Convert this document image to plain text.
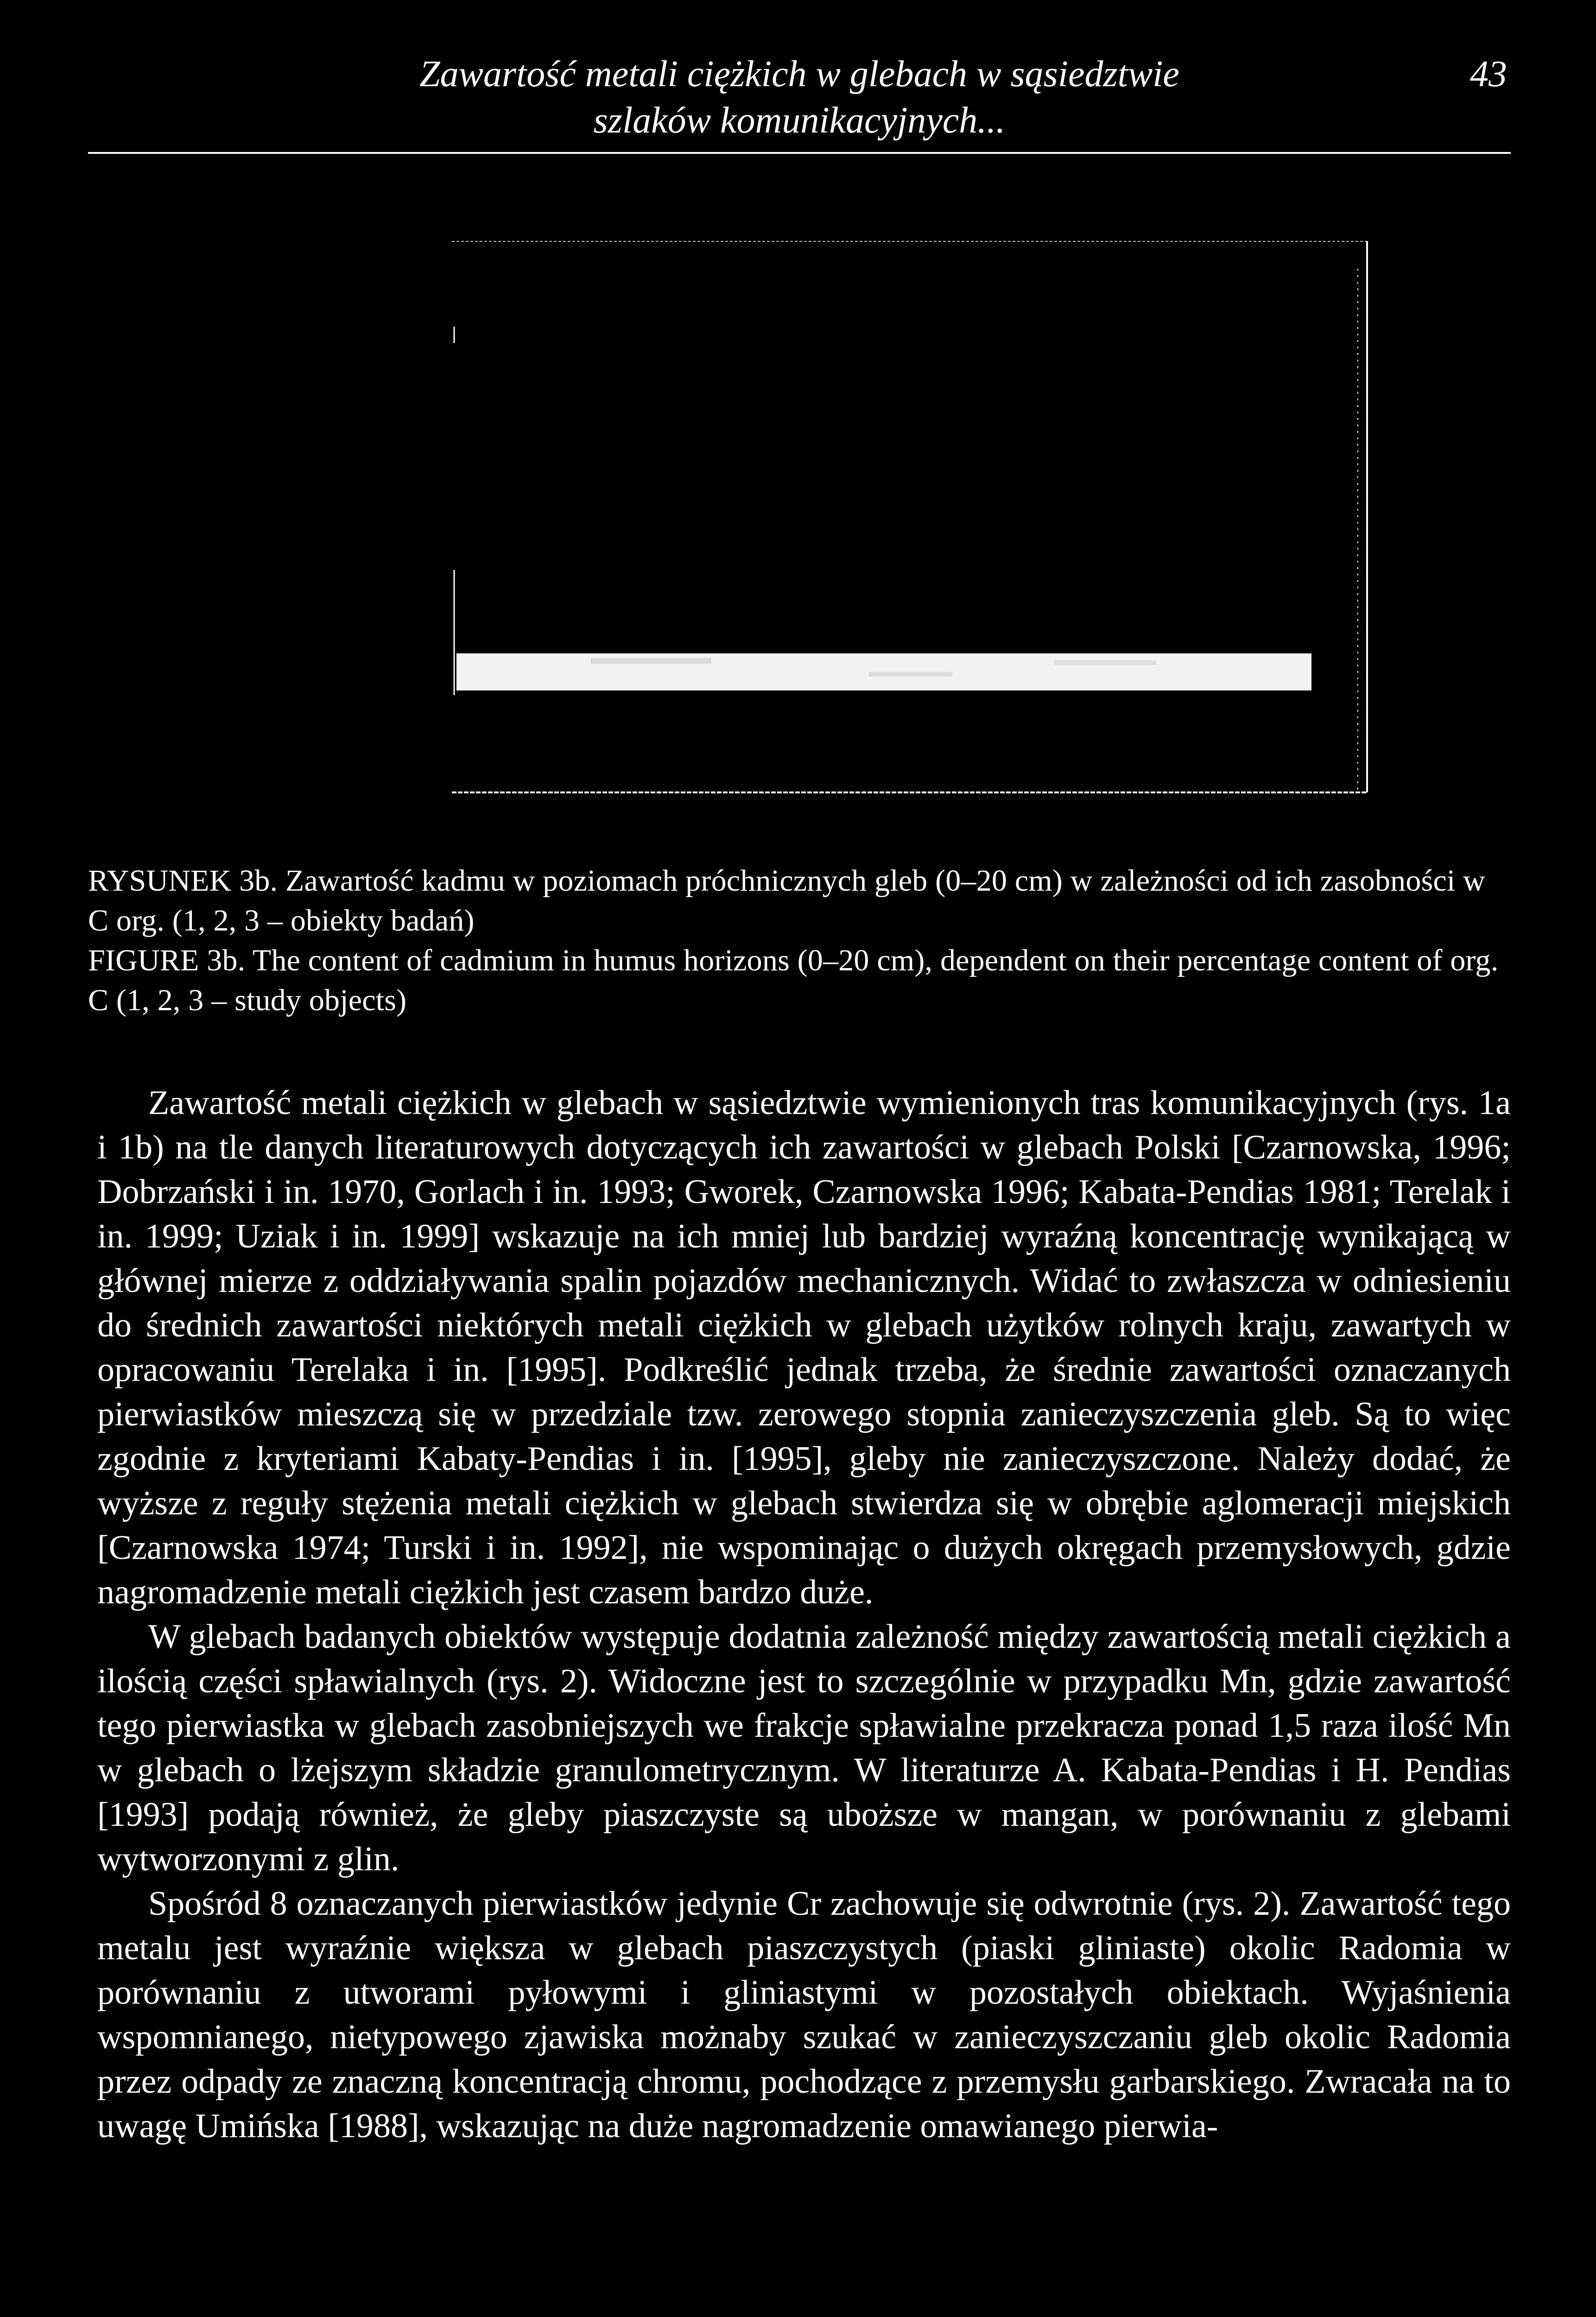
Zawartość metali ciężkich w glebach w sąsiedztwie
szlaków komunikacyjnych...
43

RYSUNEK 3b. Zawartość kadmu w poziomach próchnicznych gleb (0–20 cm) w zależności od ich zasobności w C org. (1, 2, 3 – obiekty badań)

FIGURE 3b. The content of cadmium in humus horizons (0–20 cm), dependent on their percentage content of org. C (1, 2, 3 – study objects)

Zawartość metali ciężkich w glebach w sąsiedztwie wymienionych tras komunikacyjnych (rys. 1a i 1b) na tle danych literaturowych dotyczących ich zawartości w glebach Polski [Czarnowska, 1996; Dobrzański i in. 1970, Gorlach i in. 1993; Gworek, Czarnowska 1996; Kabata-Pendias 1981; Terelak i in. 1999; Uziak i in. 1999] wskazuje na ich mniej lub bardziej wyraźną koncentrację wynikającą w głównej mierze z oddziaływania spalin pojazdów mechanicznych. Widać to zwłaszcza w odniesieniu do średnich zawartości niektórych metali ciężkich w glebach użytków rolnych kraju, zawartych w opracowaniu Terelaka i in. [1995]. Podkreślić jednak trzeba, że średnie zawartości oznaczanych pierwiastków mieszczą się w przedziale tzw. zerowego stopnia zanieczyszczenia gleb. Są to więc zgodnie z kryteriami Kabaty-Pendias i in. [1995], gleby nie zanieczyszczone. Należy dodać, że wyższe z reguły stężenia metali ciężkich w glebach stwierdza się w obrębie aglomeracji miejskich [Czarnowska 1974; Turski i in. 1992], nie wspominając o dużych okręgach przemysłowych, gdzie nagromadzenie metali ciężkich jest czasem bardzo duże.

W glebach badanych obiektów występuje dodatnia zależność między zawartością metali ciężkich a ilością części spławialnych (rys. 2). Widoczne jest to szczególnie w przypadku Mn, gdzie zawartość tego pierwiastka w glebach zasobniejszych we frakcje spławialne przekracza ponad 1,5 raza ilość Mn w glebach o lżejszym składzie granulometrycznym. W literaturze A. Kabata-Pendias i H. Pendias [1993] podają również, że gleby piaszczyste są uboższe w mangan, w porównaniu z glebami wytworzonymi z glin.

Spośród 8 oznaczanych pierwiastków jedynie Cr zachowuje się odwrotnie (rys. 2). Zawartość tego metalu jest wyraźnie większa w glebach piaszczystych (piaski gliniaste) okolic Radomia w porównaniu z utworami pyłowymi i gliniastymi w pozostałych obiektach. Wyjaśnienia wspomnianego, nietypowego zjawiska możnaby szukać w zanieczyszczaniu gleb okolic Radomia przez odpady ze znaczną koncentracją chromu, pochodzące z przemysłu garbarskiego. Zwracała na to uwagę Umińska [1988], wskazując na duże nagromadzenie omawianego pierwia-
